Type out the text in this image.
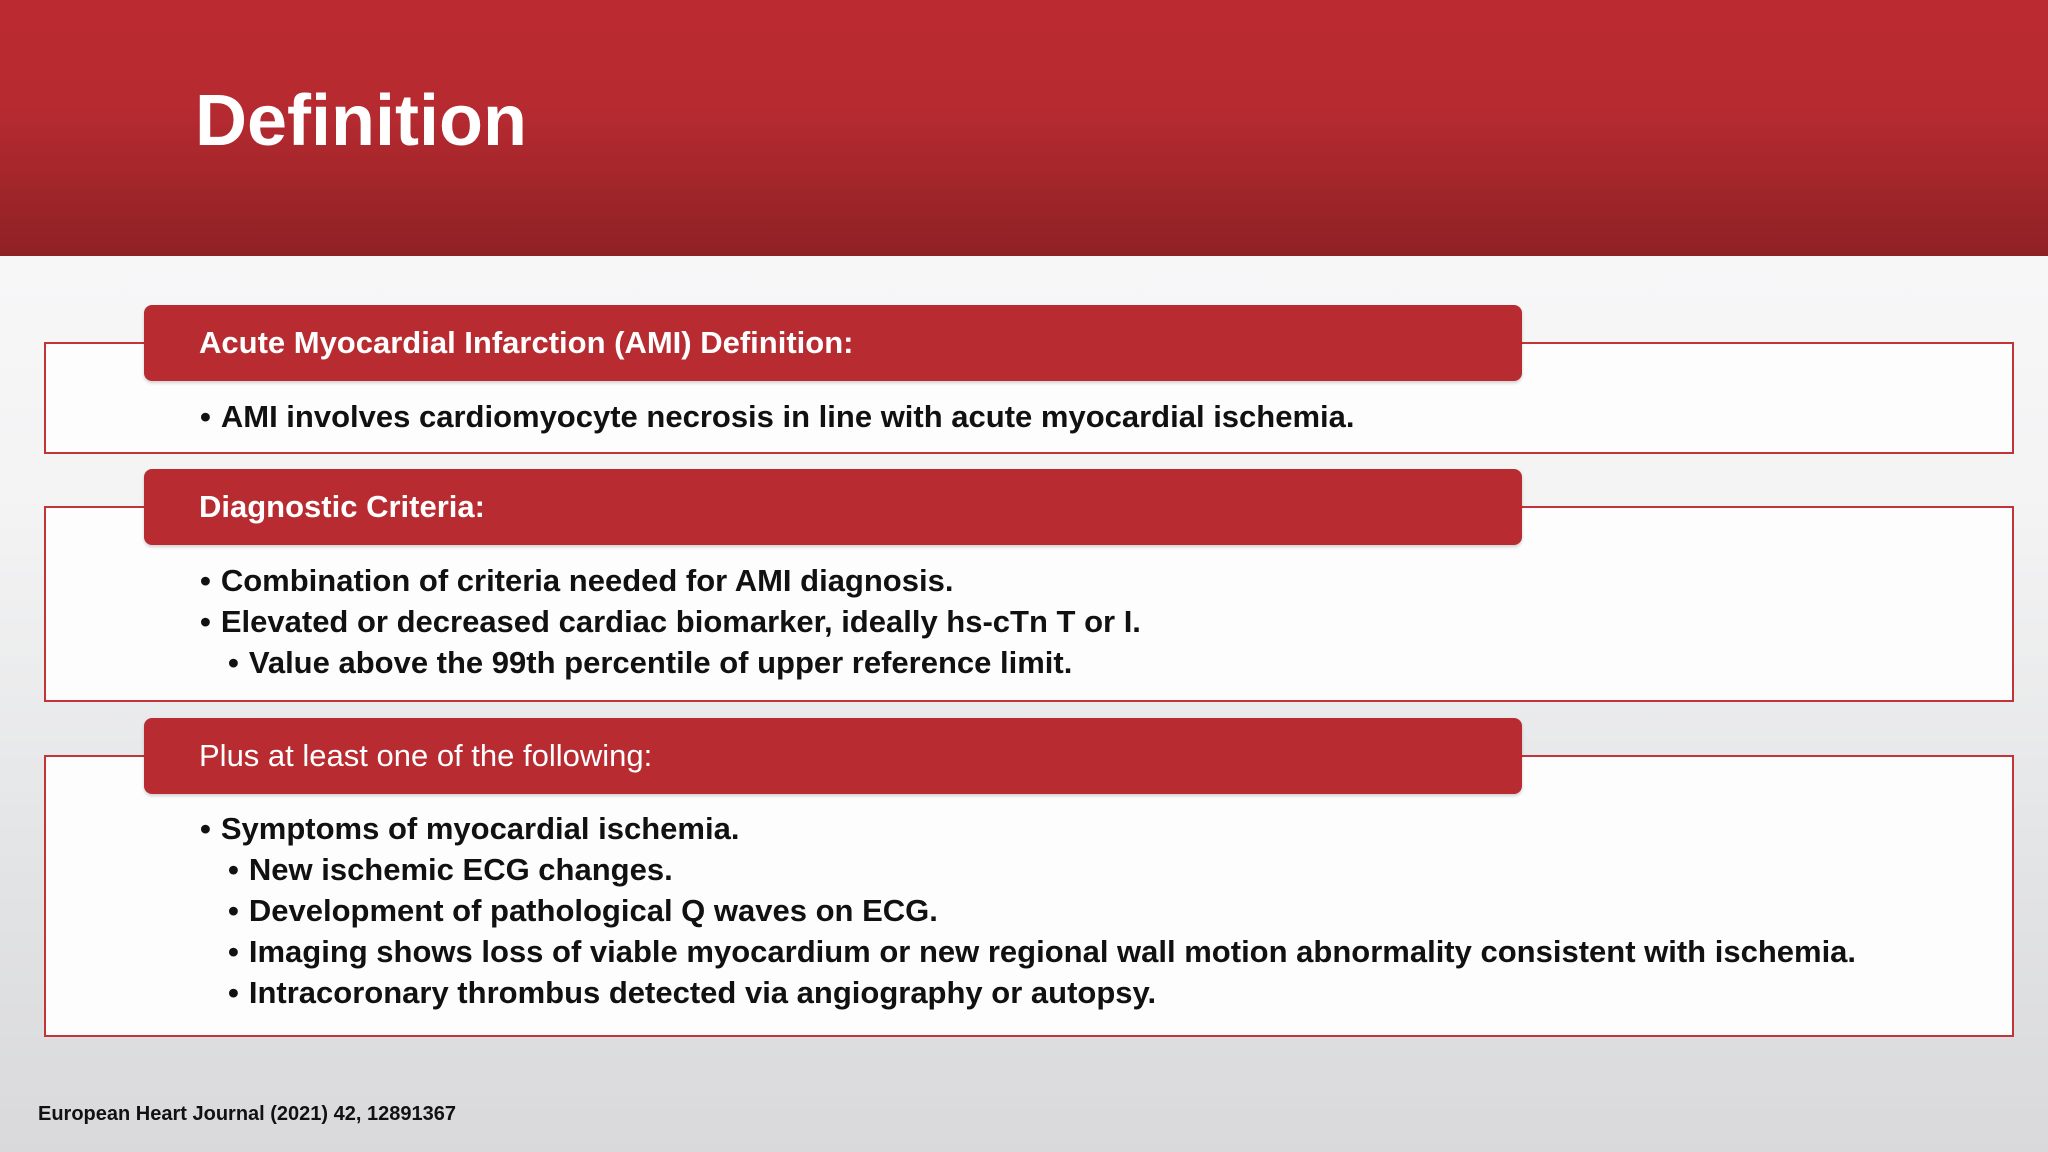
Definition
Acute Myocardial Infarction (AMI) Definition:
• AMI involves cardiomyocyte necrosis in line with acute myocardial ischemia.
Diagnostic Criteria:
• Combination of criteria needed for AMI diagnosis.
• Elevated or decreased cardiac biomarker, ideally hs-cTn T or I.
• Value above the 99th percentile of upper reference limit.
Plus at least one of the following:
• Symptoms of myocardial ischemia.
• New ischemic ECG changes.
• Development of pathological Q waves on ECG.
• Imaging shows loss of viable myocardium or new regional wall motion abnormality consistent with ischemia.
• Intracoronary thrombus detected via angiography or autopsy.

European Heart Journal (2021) 42, 12891367
